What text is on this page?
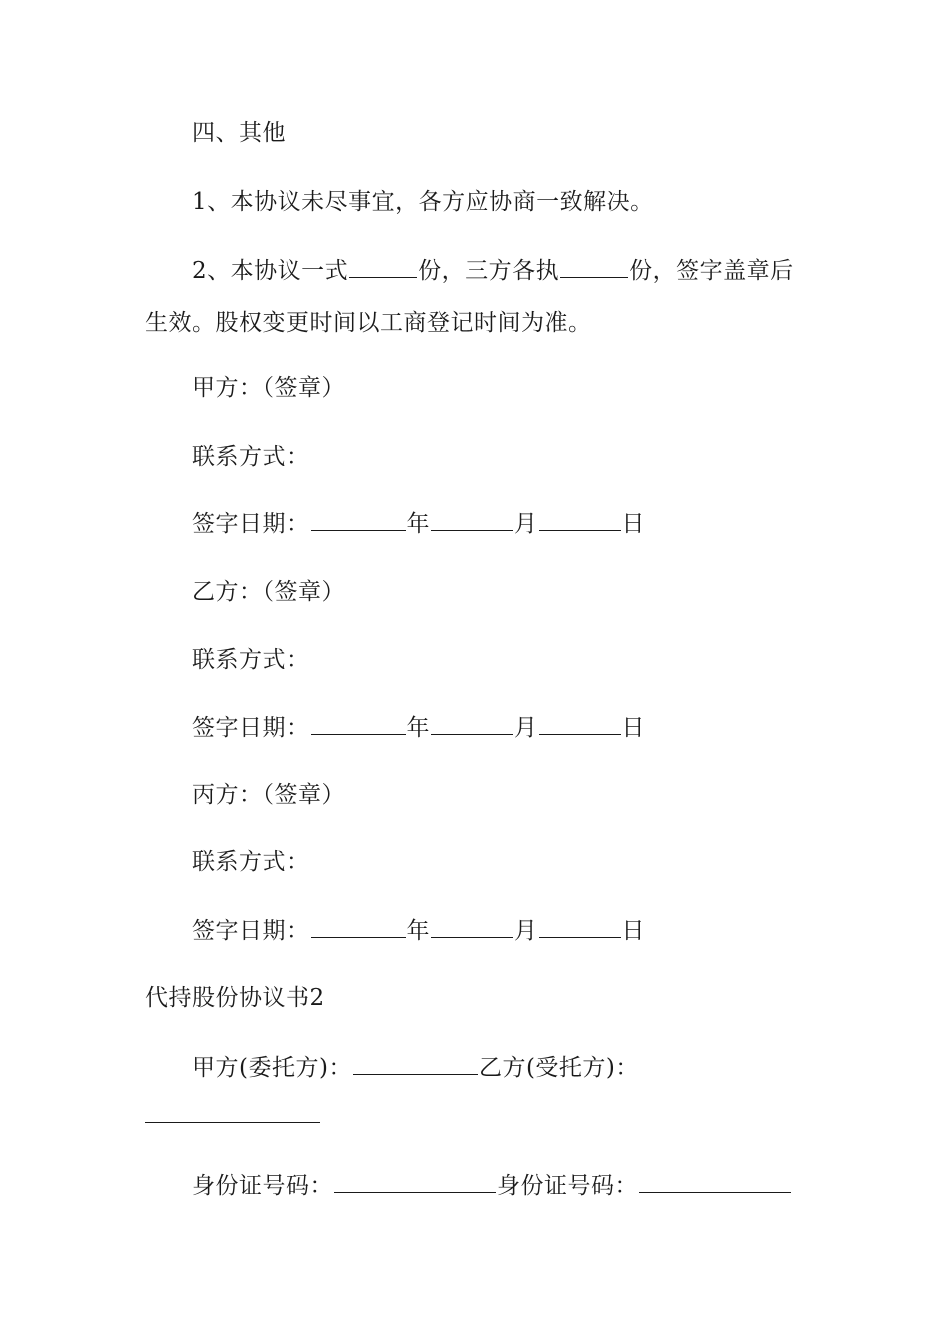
四、其他
1、本协议未尽事宜，各方应协商一致解决。
2、本协议一式	份，三方各执	份，签字盖章后
生效。股权变更时间以工商登记时间为准。
甲方：（签章）
联系方式：
签字日期：	年	月	日
乙方：（签章）
联系方式：
签字日期：	年	月	日
丙方：（签章）
联系方式：
签字日期：	年	月	日
代持股份协议书2
甲方(委托方)：	乙方(受托方)：
身份证号码：	身份证号码：
